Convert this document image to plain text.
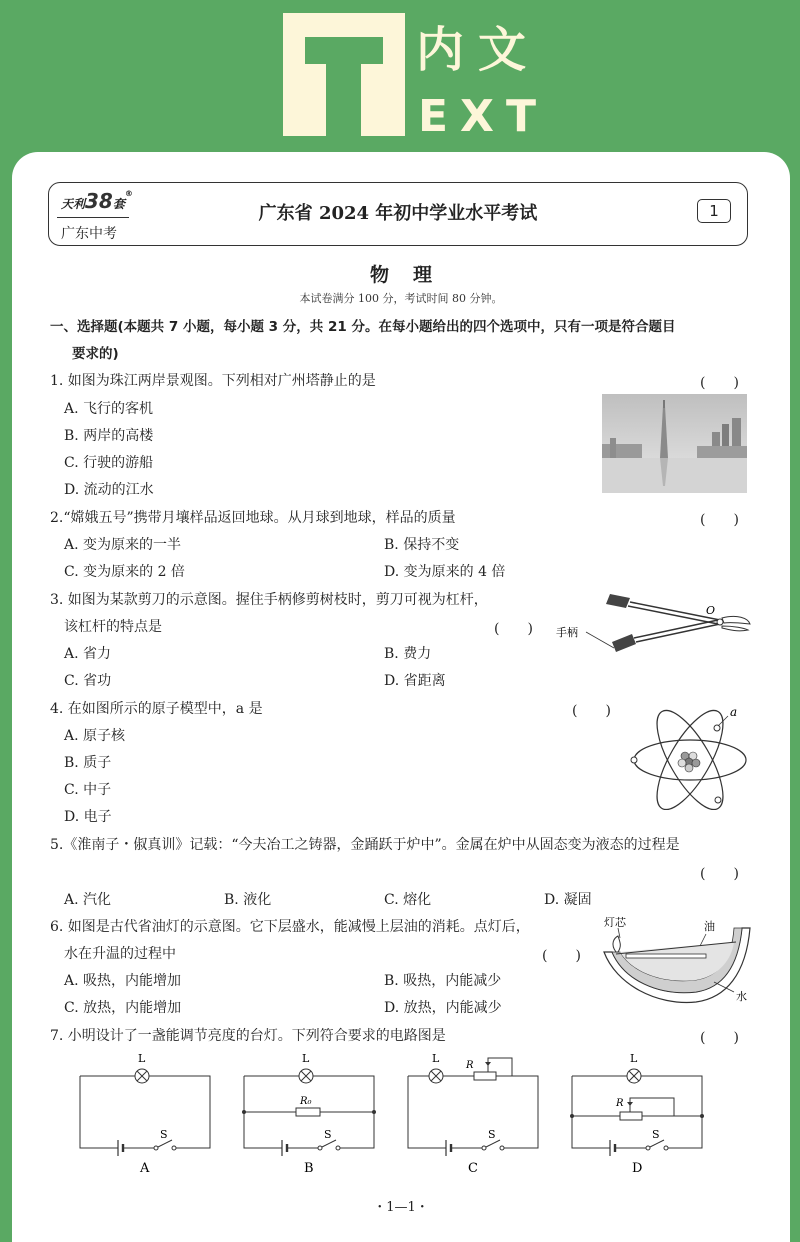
内文
EXT
天利38套®
广东中考
广东省 2024 年初中学业水平考试	1
物理
本试卷满分 100 分，考试时间 80 分钟。
一、选择题(本题共 7 小题，每小题 3 分，共 21 分。在每小题给出的四个选项中，只有一项是符合题目
要求的)
1. 如图为珠江两岸景观图。下列相对广州塔静止的是	(　　)
A. 飞行的客机
B. 两岸的高楼
C. 行驶的游船
D. 流动的江水
2.“嫦娥五号”携带月壤样品返回地球。从月球到地球，样品的质量	(　　)
A. 变为原来的一半	B. 保持不变
C. 变为原来的 2 倍	D. 变为原来的 4 倍
3. 如图为某款剪刀的示意图。握住手柄修剪树枝时，剪刀可视为杠杆，
该杠杆的特点是	(　　)
A. 省力	B. 费力
C. 省功	D. 省距离
O
手柄
4. 在如图所示的原子模型中，a 是	(　　)
A. 原子核
B. 质子
C. 中子
D. 电子
a
5.《淮南子・俶真训》记载：“今夫冶工之铸器，金踊跃于炉中”。金属在炉中从固态变为液态的过程是
(　　)
A. 汽化	B. 液化	C. 熔化	D. 凝固
6. 如图是古代省油灯的示意图。它下层盛水，能减慢上层油的消耗。点灯后，
水在升温的过程中	(　　)
A. 吸热，内能增加	B. 吸热，内能减少
C. 放热，内能增加	D. 放热，内能减少
灯芯	油
水
7. 小明设计了一盏能调节亮度的台灯。下列符合要求的电路图是	(　　)
L
S
A
L
R₀
S
B
L
R
S
C
L
R
S
D
・1—1・
